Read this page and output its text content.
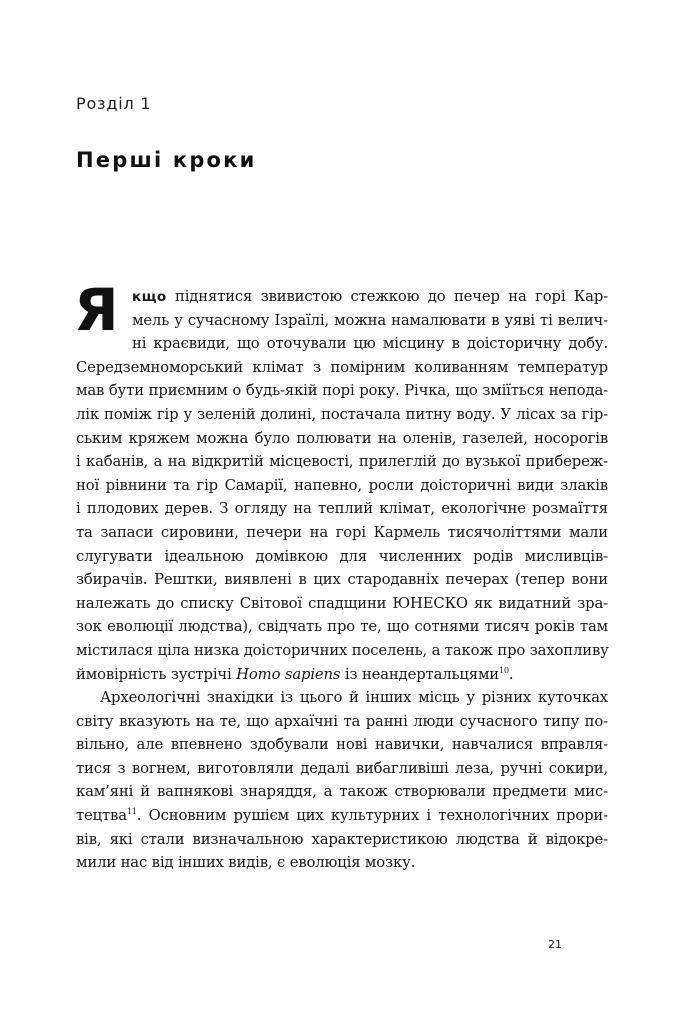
Розділ 1
Перші кроки
Я кщо піднятися звивистою стежкою до печер на горі Кар-
мель у сучасному Ізраїлі, можна намалювати в уяві ті велич-
ні краєвиди, що оточували цю місцину в доісторичну добу.
Середземноморський клімат з помірним коливанням температур
мав бути приємним о будь-якій порі року. Річка, що зміїться непода-
лік поміж гір у зеленій долині, постачала питну воду. У лісах за гір-
ським кряжем можна було полювати на оленів, газелей, носорогів
і кабанів, а на відкритій місцевості, прилеглій до вузької прибереж-
ної рівнини та гір Самарії, напевно, росли доісторичні види злаків
і плодових дерев. З огляду на теплий клімат, екологічне розмаїття
та запаси сировини, печери на горі Кармель тисячоліттями мали
слугувати ідеальною домівкою для численних родів мисливців-
збирачів. Рештки, виявлені в цих стародавніх печерах (тепер вони
належать до списку Світової спадщини ЮНЕСКО як видатний зра-
зок еволюції людства), свідчать про те, що сотнями тисяч років там
містилася ціла низка доісторичних поселень, а також про захопливу
ймовірність зустрічі Homo sapiens із неандертальцями$^{10}$.
Археологічні знахідки із цього й інших місць у різних куточках
світу вказують на те, що архаїчні та ранні люди сучасного типу по-
вільно, але впевнено здобували нові навички, навчалися вправля-
тися з вогнем, виготовляли дедалі вибагливіші леза, ручні сокири,
кам’яні й вапнякові знаряддя, а також створювали предмети мис-
тецтва$^{11}$. Основним рушієм цих культурних і технологічних прори-
вів, які стали визначальною характеристикою людства й відокре-
мили нас від інших видів, є еволюція мозку.
21
